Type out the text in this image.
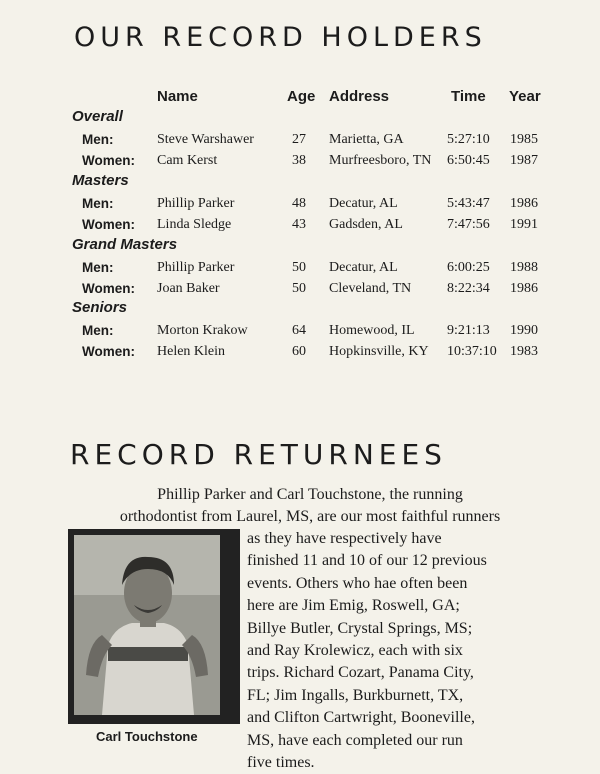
OUR RECORD HOLDERS
Name	Age Address	Time Year
Overall
Men:	Steve Warshawer	27 Marietta, GA	5:27:10 1985
Women: Cam Kerst	38 Murfreesboro, TN 6:50:45 1987
Masters
Men:	Phillip Parker	48 Decatur, AL	5:43:47 1986
Women: Linda Sledge	43 Gadsden, AL	7:47:56 1991
Grand Masters
Men:	Phillip Parker	50 Decatur, AL	6:00:25 1988
Women: Joan Baker	50 Cleveland, TN	8:22:34 1986
Seniors
Men:	Morton Krakow	64 Homewood, IL 9:21:13 1990
Women: Helen Klein	60 Hopkinsville, KY 10:37:10 1983
RECORD RETURNEES
Phillip Parker and Carl Touchstone, the running
orthodontist from Laurel, MS, are our most faithful runners
as they have respectively have
finished 11 and 10 of our 12 previous
events. Others who hae often been
here are Jim Emig, Roswell, GA;
Billye Butler, Crystal Springs, MS;
and Ray Krolewicz, each with six
trips. Richard Cozart, Panama City,
FL; Jim Ingalls, Burkburnett, TX,
and Clifton Cartwright, Booneville,
MS, have each completed our run
five times.
Carl Touchstone
